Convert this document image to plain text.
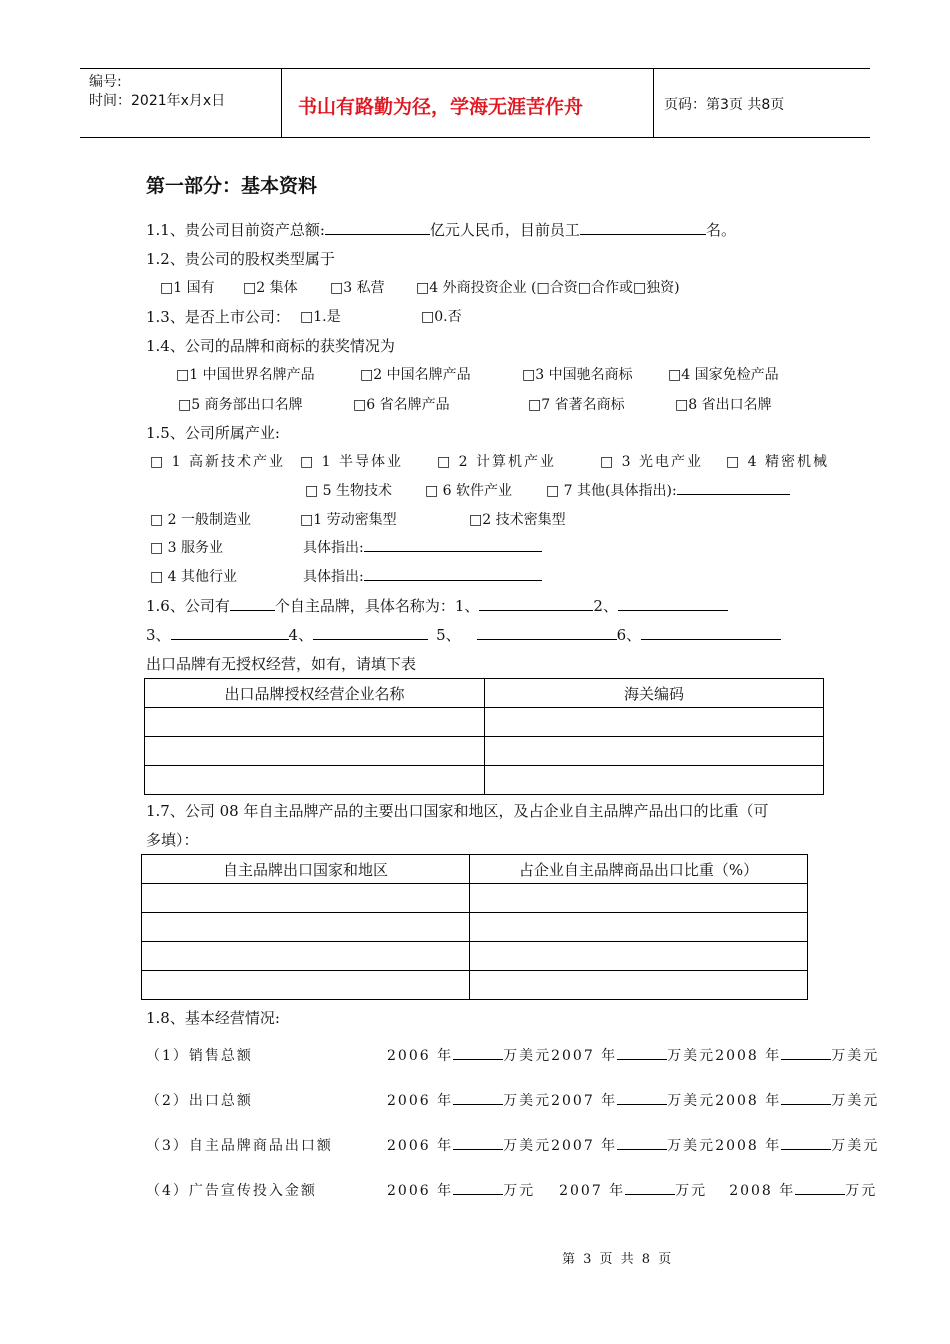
编号:
时间：2021年x月x日	书山有路勤为径，学海无涯苦作舟	页码：第3页 共8页
第一部分：基本资料
1.1、贵公司目前资产总额:	亿元人民币，目前员工	名。
1.2、贵公司的股权类型属于
□1 国有 □2 集体 □3 私营 □4 外商投资企业 (□合资□合作或□独资)
1.3、是否上市公司： □1.是	□0.否
1.4、公司的品牌和商标的获奖情况为
□1 中国世界名牌产品	□2 中国名牌产品	□3 中国驰名商标	□4 国家免检产品
□5 商务部出口名牌	□6 省名牌产品	□7 省著名商标	□8 省出口名牌
1.5、公司所属产业:
□ 1 高新技术产业 □ 1 半导体业 □ 2 计算机产业	□ 3 光电产业 □ 4 精密机械
□ 5 生物技术 □ 6 软件产业 □ 7 其他(具体指出):
□ 2 一般制造业	□1 劳动密集型	□2 技术密集型
□ 3 服务业	具体指出:
□ 4 其他行业	具体指出:
1.6、公司有	个自主品牌，具体名称为：1、	2、
3、	4、	5、	6、
出口品牌有无授权经营，如有，请填下表
出口品牌授权经营企业名称	海关编码

1.7、公司 08 年自主品牌产品的主要出口国家和地区，及占企业自主品牌产品出口的比重（可
多填）：
自主品牌出口国家和地区	占企业自主品牌商品出口比重（%）

1.8、基本经营情况:
（1）销售总额	2006 年	万美元2007 年	万美元2008 年	万美元
（2）出口总额	2006 年	万美元2007 年	万美元2008 年	万美元
（3）自主品牌商品出口额	2006 年	万美元2007 年	万美元2008 年	万美元
（4）广告宣传投入金额	2006 年	万元 2007 年	万元 2008 年	万元
第 3 页 共 8 页
